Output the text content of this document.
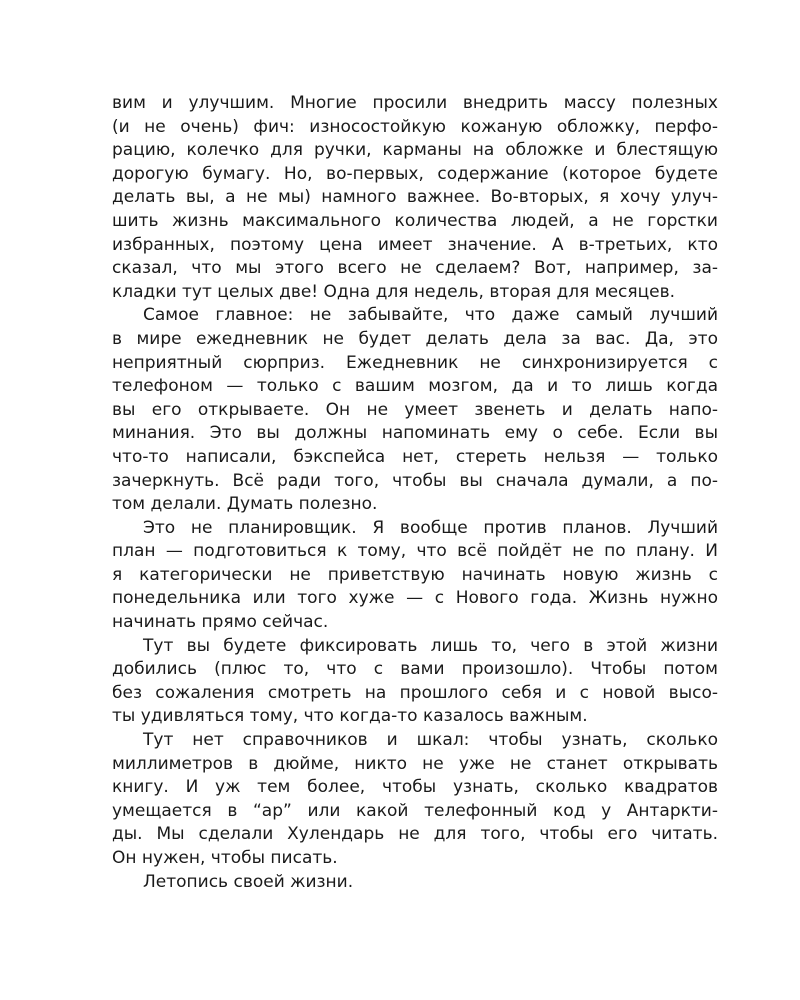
вим и улучшим. Многие просили внедрить массу полезных
(и не очень) фич: износостойкую кожаную обложку, перфо-
рацию, колечко для ручки, карманы на обложке и блестящую
дорогую бумагу. Но, во-первых, содержание (которое будете
делать вы, а не мы) намного важнее. Во-вторых, я хочу улуч-
шить жизнь максимального количества людей, а не горстки
избранных, поэтому цена имеет значение. А в-третьих, кто
сказал, что мы этого всего не сделаем? Вот, например, за-
кладки тут целых две! Одна для недель, вторая для месяцев.
Самое главное: не забывайте, что даже самый лучший
в мире ежедневник не будет делать дела за вас. Да, это
неприятный сюрприз. Ежедневник не синхронизируется с
телефоном — только с вашим мозгом, да и то лишь когда
вы его открываете. Он не умеет звенеть и делать напо-
минания. Это вы должны напоминать ему о себе. Если вы
что-то написали, бэкспейса нет, стереть нельзя — только
зачеркнуть. Всё ради того, чтобы вы сначала думали, а по-
том делали. Думать полезно.
Это не планировщик. Я вообще против планов. Лучший
план — подготовиться к тому, что всё пойдёт не по плану. И
я категорически не приветствую начинать новую жизнь с
понедельника или того хуже — с Нового года. Жизнь нужно
начинать прямо сейчас.
Тут вы будете фиксировать лишь то, чего в этой жизни
добились (плюс то, что с вами произошло). Чтобы потом
без сожаления смотреть на прошлого себя и с новой высо-
ты удивляться тому, что когда-то казалось важным.
Тут нет справочников и шкал: чтобы узнать, сколько
миллиметров в дюйме, никто не уже не станет открывать
книгу. И уж тем более, чтобы узнать, сколько квадратов
умещается в “ар” или какой телефонный код у Антаркти-
ды. Мы сделали Хулендарь не для того, чтобы его читать.
Он нужен, чтобы писать.
Летопись своей жизни.
